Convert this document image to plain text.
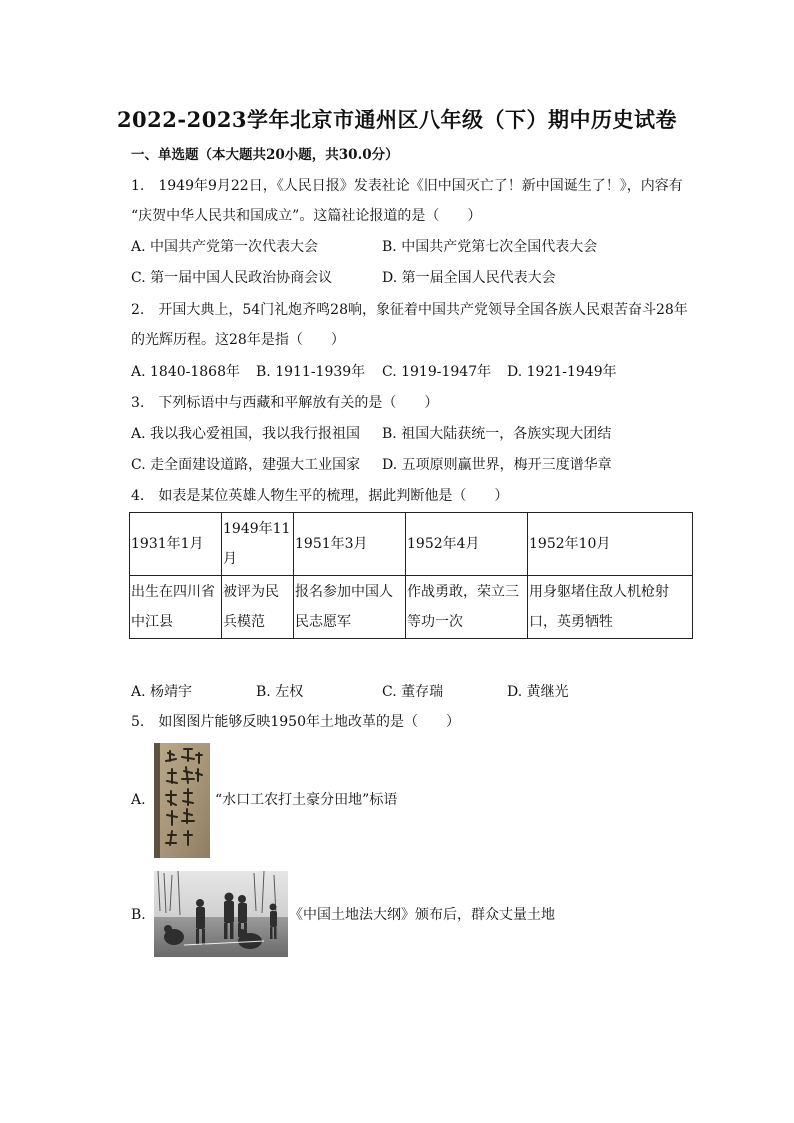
2022-2023学年北京市通州区八年级（下）期中历史试卷
一、单选题（本大题共20小题，共30.0分）
1.　1949年9月22日，《人民日报》发表社论《旧中国灭亡了！新中国诞生了！》，内容有
“庆贺中华人民共和国成立”。这篇社论报道的是（　　）
A. 中国共产党第一次代表大会	B. 中国共产党第七次全国代表大会
C. 第一届中国人民政治协商会议	D. 第一届全国人民代表大会
2.　开国大典上，54门礼炮齐鸣28响，象征着中国共产党领导全国各族人民艰苦奋斗28年
的光辉历程。这28年是指（　　）
A. 1840-1868年 B. 1911-1939年 C. 1919-1947年 D. 1921-1949年
3.　下列标语中与西藏和平解放有关的是（　　）
A. 我以我心爱祖国，我以我行报祖国 B. 祖国大陆获统一，各族实现大团结
C. 走全面建设道路，建强大工业国家 D. 五项原则赢世界，梅开三度谱华章
4.　如表是某位英雄人物生平的梳理，据此判断他是（　　）
1931年1月	1949年11月	1951年3月	1952年4月	1952年10月
出生在四川省中江县	被评为民兵模范	报名参加中国人民志愿军	作战勇敢，荣立三等功一次	用身躯堵住敌人机枪射口，英勇牺牲
A. 杨靖宇	B. 左权	C. 董存瑞	D. 黄继光
5.　如图图片能够反映1950年土地改革的是（　　）
A.	“水口工农打土豪分田地”标语
B.	《中国土地法大纲》颁布后，群众丈量土地
